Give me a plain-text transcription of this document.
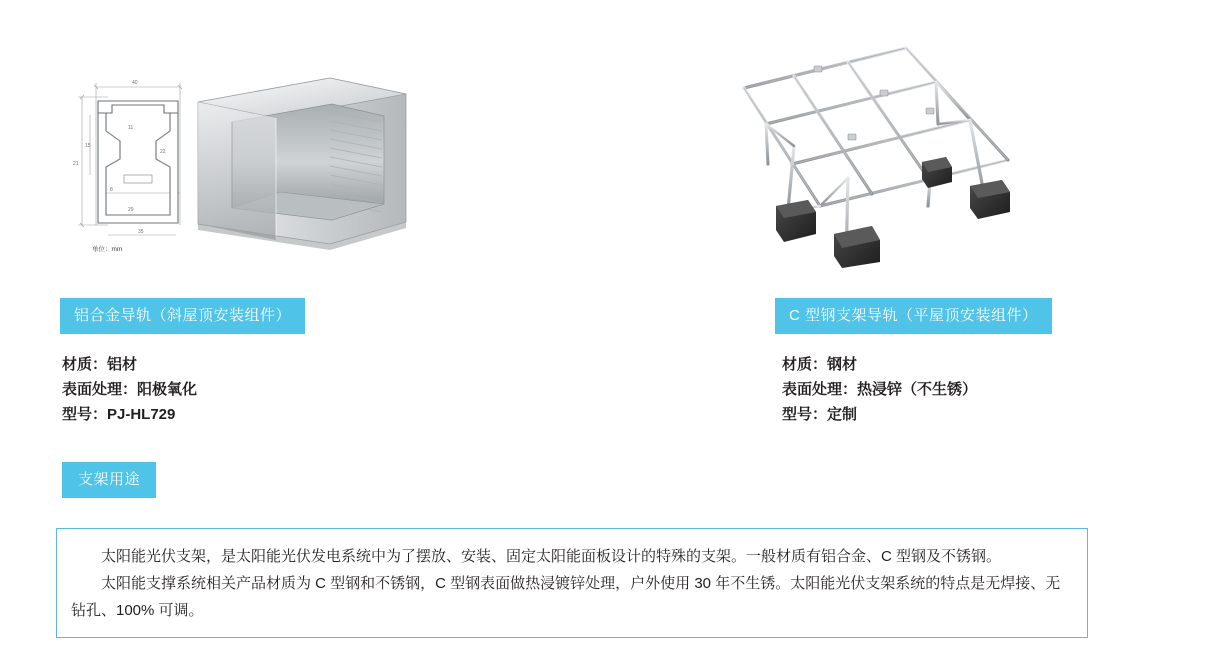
40
21
15
8
35
11
29
22
单位：mm
铝合金导轨（斜屋顶安装组件）
材质：铝材
表面处理：阳极氧化
型号：PJ-HL729
C 型钢支架导轨（平屋顶安装组件）
材质：钢材
表面处理：热浸锌（不生锈）
型号：定制
支架用途

太阳能光伏支架，是太阳能光伏发电系统中为了摆放、安装、固定太阳能面板设计的特殊的支架。一般材质有铝合金、C 型钢及不锈钢。

太阳能支撑系统相关产品材质为 C 型钢和不锈钢，C 型钢表面做热浸镀锌处理，户外使用 30 年不生锈。太阳能光伏支架系统的特点是无焊接、无钻孔、100% 可调。
